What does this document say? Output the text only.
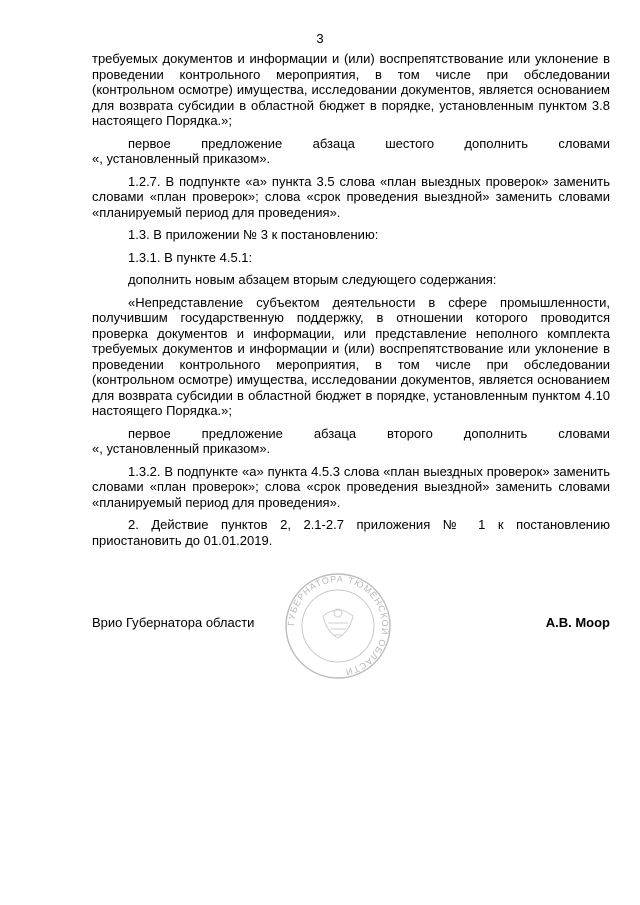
3

требуемых документов и информации и (или) воспрепятствование или уклонение в проведении контрольного мероприятия, в том числе при обследовании (контрольном осмотре) имущества, исследовании документов, является основанием для возврата субсидии в областной бюджет в порядке, установленным пунктом 3.8 настоящего Порядка.»;

первое предложение абзаца шестого дополнить словами
«, установленный приказом».

1.2.7. В подпункте «а» пункта 3.5 слова «план выездных проверок» заменить словами «план проверок»; слова «срок проведения выездной» заменить словами «планируемый период для проведения».

1.3. В приложении № 3 к постановлению:

1.3.1. В пункте 4.5.1:

дополнить новым абзацем вторым следующего содержания:

«Непредставление субъектом деятельности в сфере промышленности, получившим государственную поддержку, в отношении которого проводится проверка документов и информации, или представление неполного комплекта требуемых документов и информации и (или) воспрепятствование или уклонение в проведении контрольного мероприятия, в том числе при обследовании (контрольном осмотре) имущества, исследовании документов, является основанием для возврата субсидии в областной бюджет в порядке, установленным пунктом 4.10 настоящего Порядка.»;

первое предложение абзаца второго дополнить словами
«, установленный приказом».

1.3.2. В подпункте «а» пункта 4.5.3 слова «план выездных проверок» заменить словами «план проверок»; слова «срок проведения выездной» заменить словами «планируемый период для проведения».

2. Действие пунктов 2, 2.1-2.7 приложения № 1 к постановлению приостановить до 01.01.2019.

ГУБЕРНАТОРА ТЮМЕНСКОЙ ОБЛАСТИ
Врио Губернатора области	А.В. Моор
